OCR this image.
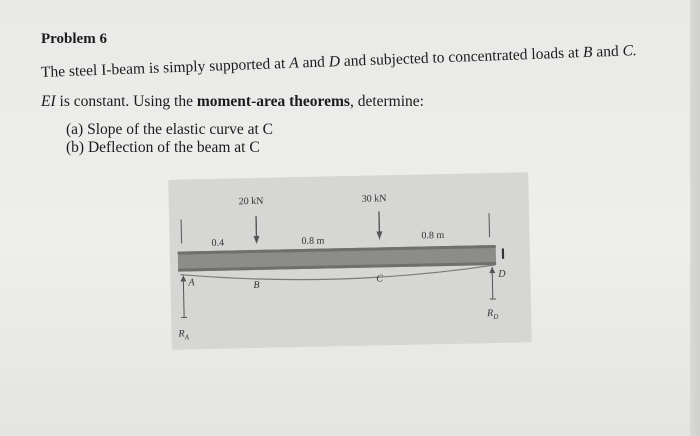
Problem 6
The steel I-beam is simply supported at A and D and subjected to concentrated loads at B and C.
EI is constant. Using the moment-area theorems, determine:
(a) Slope of the elastic curve at C
(b) Deflection of the beam at C
0.4	0.8 m	0.8 m
20 kN	30 kN
I
A
$R_A$
B
C	D
$R_D$
